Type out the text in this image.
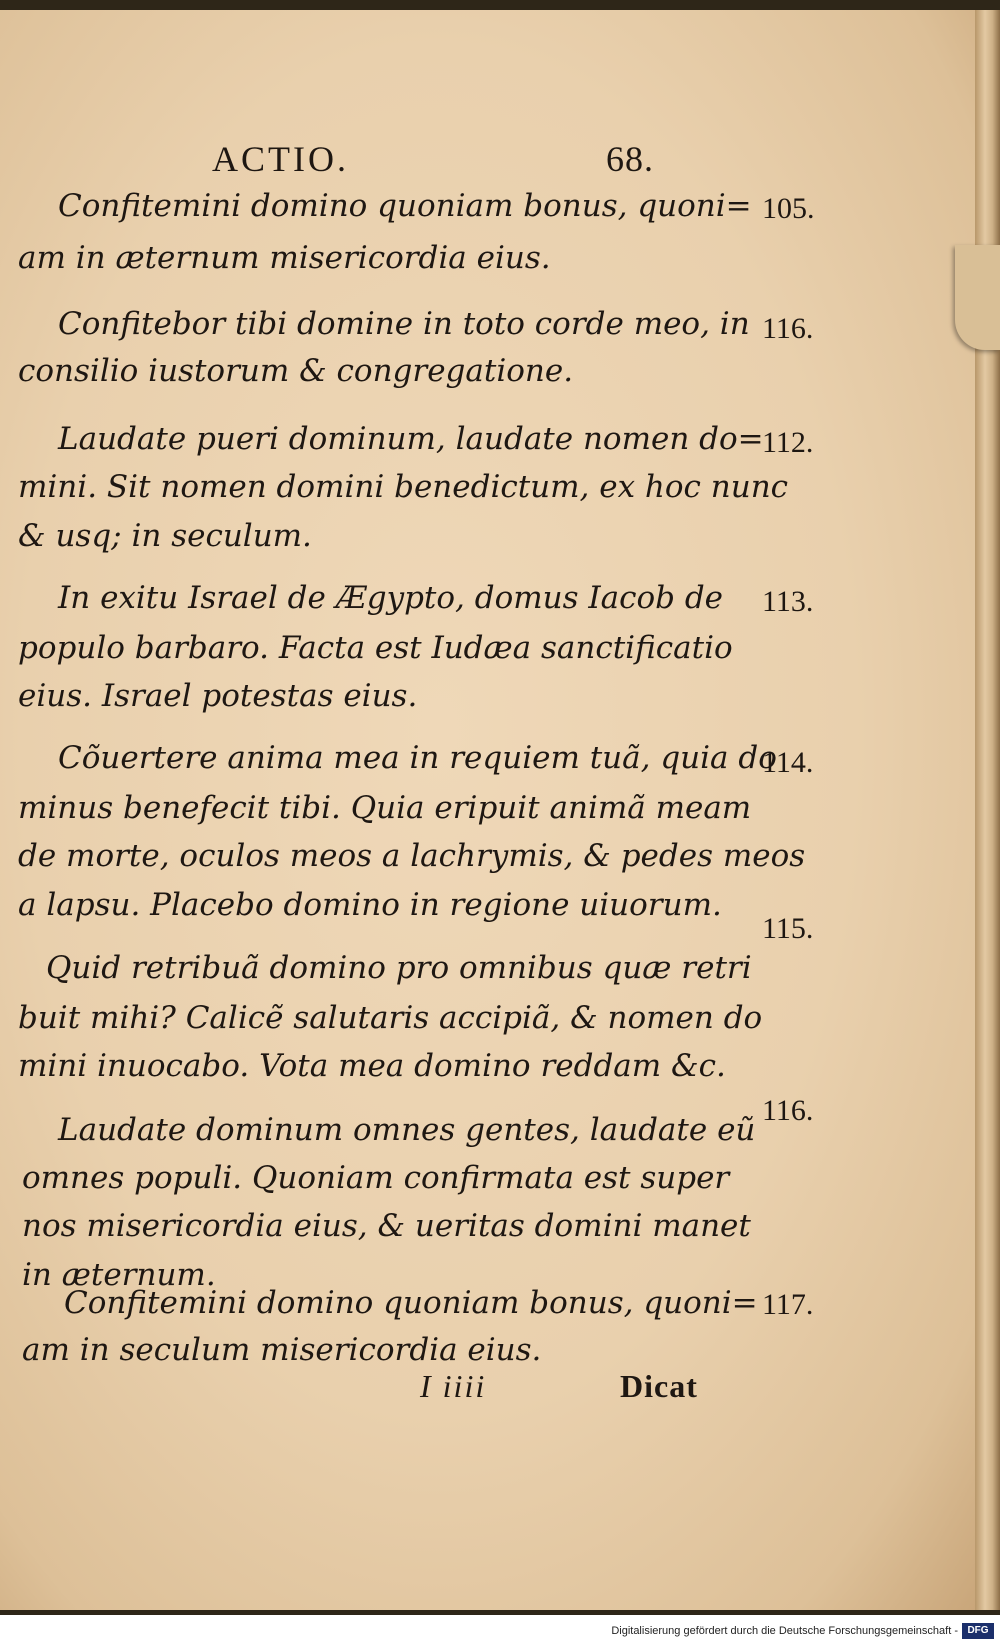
ACTIO.	68.
Confitemini domino quoniam bonus, quoni=
am in æternum misericordia eius.
105.
Confitebor tibi domine in toto corde meo, in
consilio iustorum & congregatione.
116.
Laudate pueri dominum, laudate nomen do=
mini. Sit nomen domini benedictum, ex hoc nunc
& usq; in seculum.
112.
In exitu Israel de Ægypto, domus Iacob de
populo barbaro. Facta est Iudæa sanctificatio
eius. Israel potestas eius.
113.
Cõuertere anima mea in requiem tuã, quia do
minus benefecit tibi. Quia eripuit animã meam
de morte, oculos meos a lachrymis, & pedes meos
a lapsu. Placebo domino in regione uiuorum.
114.
Quid retribuã domino pro omnibus quæ retri
buit mihi? Calicẽ salutaris accipiã, & nomen do
mini inuocabo. Vota mea domino reddam &c.
115.
Laudate dominum omnes gentes, laudate eũ
omnes populi. Quoniam confirmata est super
nos misericordia eius, & ueritas domini manet
in æternum.
116.
Confitemini domino quoniam bonus, quoni=
am in seculum misericordia eius.
117.
I iiii	Dicat
Digitalisierung gefördert durch die Deutsche Forschungsgemeinschaft - DFG
